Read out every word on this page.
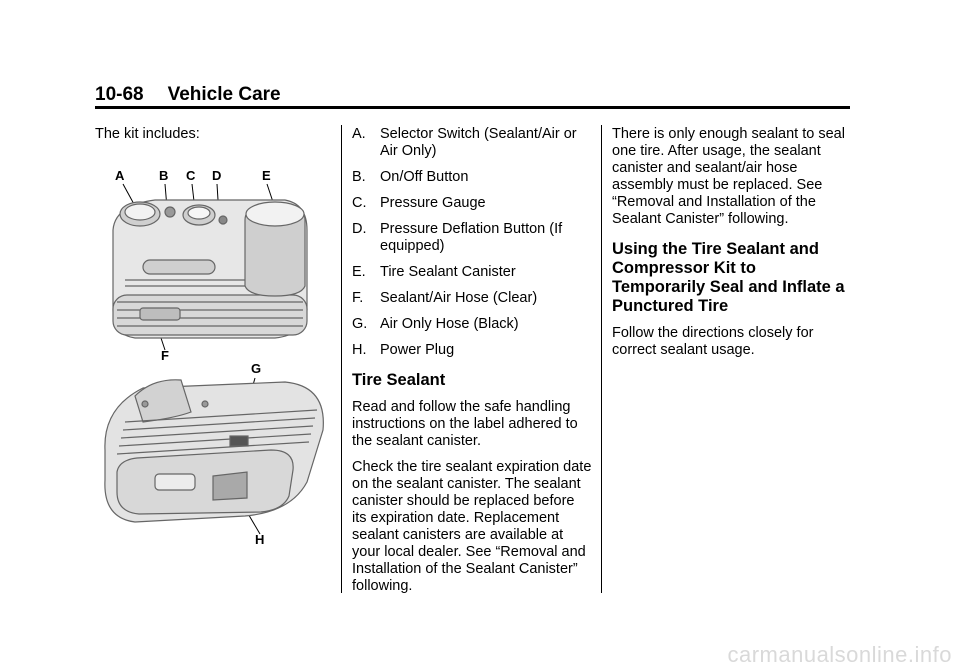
10-68 Vehicle Care

The kit includes:

A	B C D	E
F
G
H
A. Selector Switch (Sealant/Air or Air Only)
B. On/Off Button
C. Pressure Gauge
D. Pressure Deflation Button (If equipped)
E. Tire Sealant Canister
F. Sealant/Air Hose (Clear)
G. Air Only Hose (Black)
H. Power Plug
Tire Sealant

Read and follow the safe handling instructions on the label adhered to the sealant canister.

Check the tire sealant expiration date on the sealant canister. The sealant canister should be replaced before its expiration date. Replacement sealant canisters are available at your local dealer. See “Removal and Installation of the Sealant Canister” following.

There is only enough sealant to seal one tire. After usage, the sealant canister and sealant/air hose assembly must be replaced. See “Removal and Installation of the Sealant Canister” following.

Using the Tire Sealant and Compressor Kit to Temporarily Seal and Inflate a Punctured Tire

Follow the directions closely for correct sealant usage.

carmanualsonline.info
